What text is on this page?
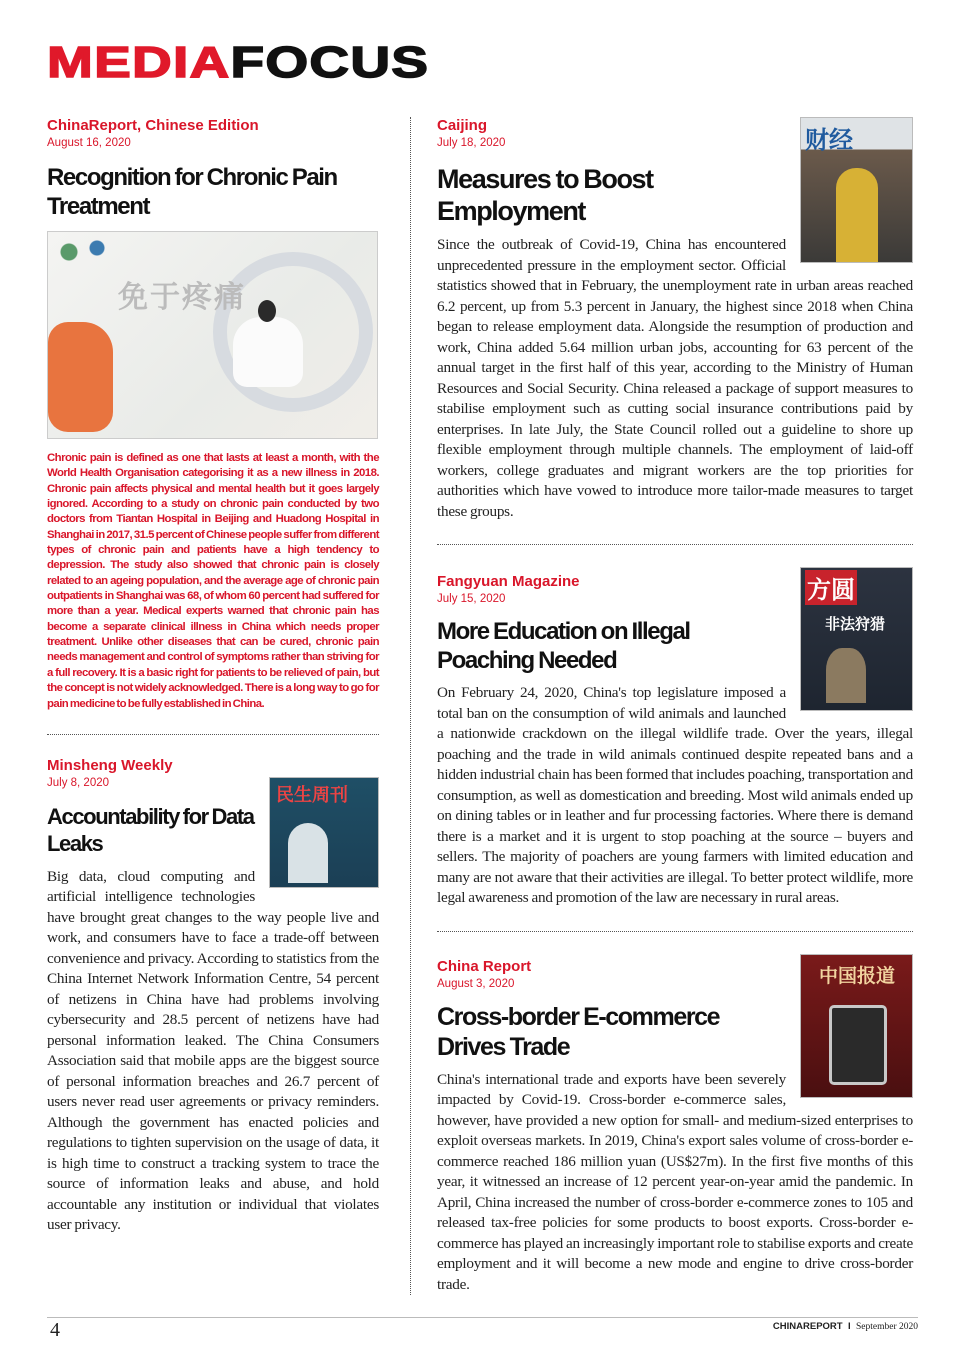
MEDIAFOCUS
ChinaReport, Chinese Edition
August 16, 2020
Recognition for Chronic Pain Treatment
免于疼痛
Chronic pain is defined as one that lasts at least a month, with the World Health Organisation categorising it as a new illness in 2018. Chronic pain affects physical and mental health but it goes largely ignored. According to a study on chronic pain conducted by two doctors from Tiantan Hospital in Beijing and Huadong Hospital in Shanghai in 2017, 31.5 percent of Chinese people suffer from different types of chronic pain and patients have a high tendency to depression. The study also showed that chronic pain is closely related to an ageing population, and the average age of chronic pain outpatients in Shanghai was 68, of whom 60 percent had suffered for more than a year. Medical experts warned that chronic pain has become a separate clinical illness in China which needs proper treatment. Unlike other diseases that can be cured, chronic pain needs management and control of symptoms rather than striving for a full recovery. It is a basic right for patients to be relieved of pain, but the concept is not widely acknowledged. There is a long way to go for pain medicine to be fully established in China.
民生周刊
Minsheng Weekly
July 8, 2020
Accountability for Data Leaks
Big data, cloud computing and artificial intelligence technologies have brought great changes to the way people live and work, and consumers have to face a trade-off between convenience and privacy. According to statistics from the China Internet Network Information Centre, 54 percent of netizens in China have had problems involving cybersecurity and 28.5 percent of netizens have had personal information leaked. The China Consumers Association said that mobile apps are the biggest source of personal information breaches and 26.7 percent of users never read user agreements or privacy reminders. Although the government has enacted policies and regulations to tighten supervision on the usage of data, it is high time to construct a tracking system to trace the source of information leaks and abuse, and hold accountable any institution or individual that violates user privacy.
财经
Caijing
July 18, 2020
Measures to Boost Employment
Since the outbreak of Covid-19, China has encountered unprecedented pressure in the employment sector. Official statistics showed that in February, the unemployment rate in urban areas reached 6.2 percent, up from 5.3 percent in January, the highest since 2018 when China began to release employment data. Alongside the resumption of production and work, China added 5.64 million urban jobs, accounting for 63 percent of the annual target in the first half of this year, according to the Ministry of Human Resources and Social Security. China released a package of support measures to stabilise employment such as cutting social insurance contributions paid by enterprises. In late July, the State Council rolled out a guideline to shore up flexible employment through multiple channels. The employment of laid-off workers, college graduates and migrant workers are the top priorities for authorities which have vowed to introduce more tailor-made measures to target these groups.
方圆
非法狩猎
Fangyuan Magazine
July 15, 2020
More Education on Illegal Poaching Needed
On February 24, 2020, China's top legislature imposed a total ban on the consumption of wild animals and launched a nationwide crackdown on the illegal wildlife trade. Over the years, illegal poaching and the trade in wild animals continued despite repeated bans and a hidden industrial chain has been formed that includes poaching, transportation and consumption, as well as domestication and breeding. Most wild animals ended up on dining tables or in leather and fur processing factories. Where there is demand there is a market and it is urgent to stop poaching at the source – buyers and sellers. The majority of poachers are young farmers with limited education and many are not aware that their activities are illegal. To better protect wildlife, more legal awareness and promotion of the law are necessary in rural areas.
中国报道
China Report
August 3, 2020
Cross-border E-commerce Drives Trade
China's international trade and exports have been severely impacted by Covid-19. Cross-border e-commerce sales, however, have provided a new option for small- and medium-sized enterprises to exploit overseas markets. In 2019, China's export sales volume of cross-border e-commerce reached 186 million yuan (US$27m). In the first five months of this year, it witnessed an increase of 12 percent year-on-year amid the pandemic. In April, China increased the number of cross-border e-commerce zones to 105 and released tax-free policies for some products to boost exports. Cross-border e-commerce has played an increasingly important role to stabilise exports and create employment and it will become a new mode and engine to drive cross-border trade.
4	CHINAREPORT I September 2020
